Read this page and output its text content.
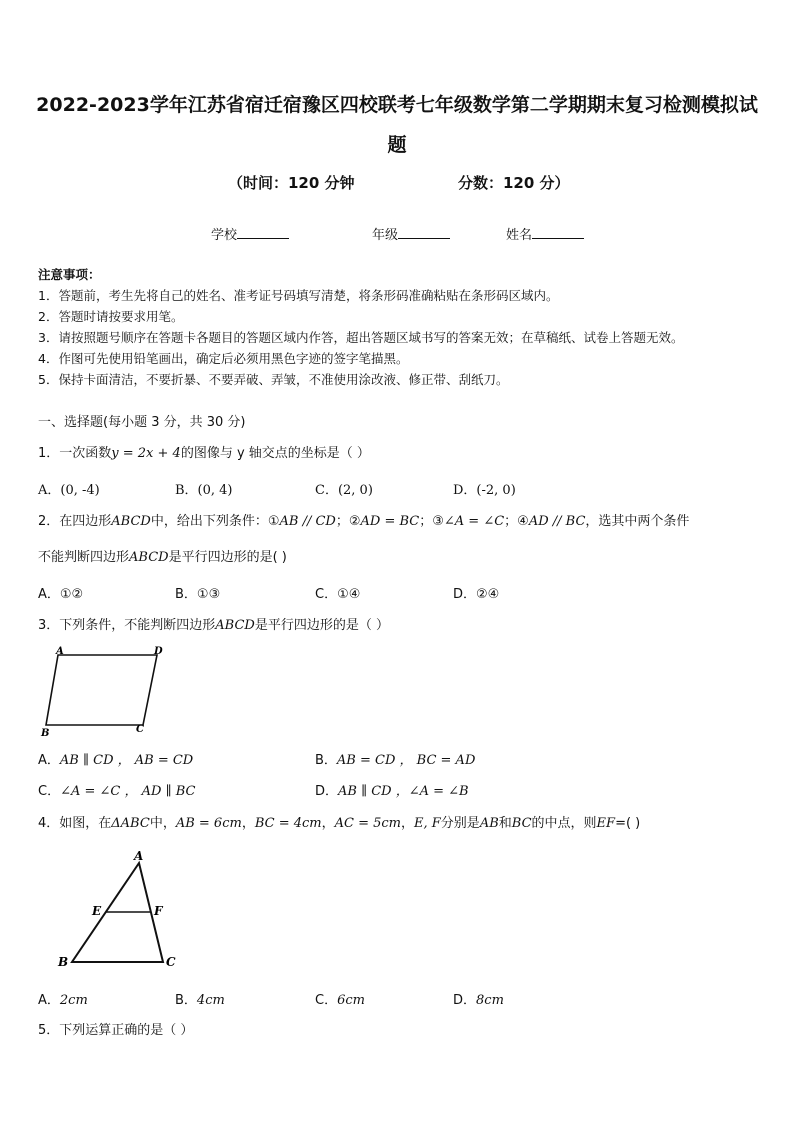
2022-2023学年江苏省宿迁宿豫区四校联考七年级数学第二学期期末复习检测模拟试
题
（时间：120 分钟	分数：120 分）
学校	年级	姓名
注意事项：
1．答题前，考生先将自己的姓名、准考证号码填写清楚，将条形码准确粘贴在条形码区域内。
2．答题时请按要求用笔。
3．请按照题号顺序在答题卡各题目的答题区域内作答，超出答题区域书写的答案无效；在草稿纸、试卷上答题无效。
4．作图可先使用铅笔画出，确定后必须用黑色字迹的签字笔描黑。
5．保持卡面清洁，不要折暴、不要弄破、弄皱，不准使用涂改液、修正带、刮纸刀。
一、选择题(每小题 3 分，共 30 分)
1．一次函数y = 2x + 4的图像与 y 轴交点的坐标是（ ）
A．(0, -4)	B．(0, 4)	C．(2, 0)	D．(-2, 0)
2．在四边形ABCD中，给出下列条件：①AB // CD；②AD = BC；③∠A = ∠C；④AD // BC，选其中两个条件
不能判断四边形ABCD是平行四边形的是( )
A．①②	B．①③	C．①④	D．②④
3．下列条件，不能判断四边形ABCD是平行四边形的是（ ）
A	D
B	C
A．AB ∥ CD ， AB = CD	B．AB = CD ， BC = AD
C．∠A = ∠C ， AD ∥ BC	D．AB ∥ CD ，∠A = ∠B
4．如图，在ΔABC中，AB = 6cm，BC = 4cm，AC = 5cm，E, F分别是AB和BC的中点，则EF=( )
A
E	F
B	C
A．2cm	B．4cm	C．6cm	D．8cm
5．下列运算正确的是（ ）
